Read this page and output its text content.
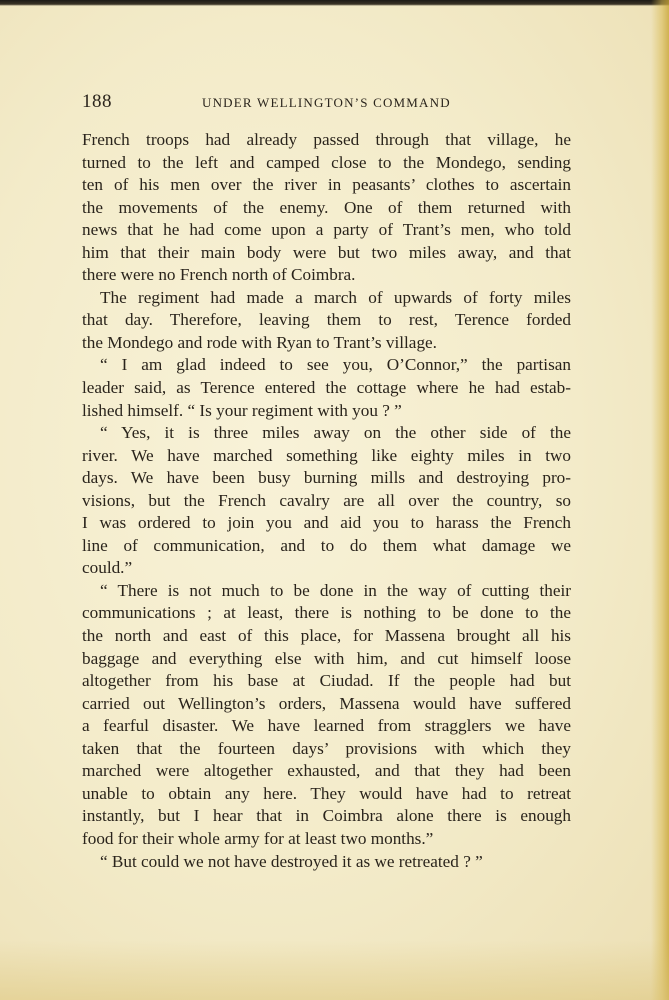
188	UNDER WELLINGTON’S COMMAND
French troops had already passed through that village, he
turned to the left and camped close to the Mondego, sending
ten of his men over the river in peasants’ clothes to ascertain
the movements of the enemy. One of them returned with
news that he had come upon a party of Trant’s men, who told
him that their main body were but two miles away, and that
there were no French north of Coimbra.
The regiment had made a march of upwards of forty miles
that day. Therefore, leaving them to rest, Terence forded
the Mondego and rode with Ryan to Trant’s village.
“ I am glad indeed to see you, O’Connor,” the partisan
leader said, as Terence entered the cottage where he had estab-
lished himself. “ Is your regiment with you ? ”
“ Yes, it is three miles away on the other side of the
river. We have marched something like eighty miles in two
days. We have been busy burning mills and destroying pro-
visions, but the French cavalry are all over the country, so
I was ordered to join you and aid you to harass the French
line of communication, and to do them what damage we
could.”
“ There is not much to be done in the way of cutting their
communications ; at least, there is nothing to be done to the
the north and east of this place, for Massena brought all his
baggage and everything else with him, and cut himself loose
altogether from his base at Ciudad. If the people had but
carried out Wellington’s orders, Massena would have suffered
a fearful disaster. We have learned from stragglers we have
taken that the fourteen days’ provisions with which they
marched were altogether exhausted, and that they had been
unable to obtain any here. They would have had to retreat
instantly, but I hear that in Coimbra alone there is enough
food for their whole army for at least two months.”
“ But could we not have destroyed it as we retreated ? ”
